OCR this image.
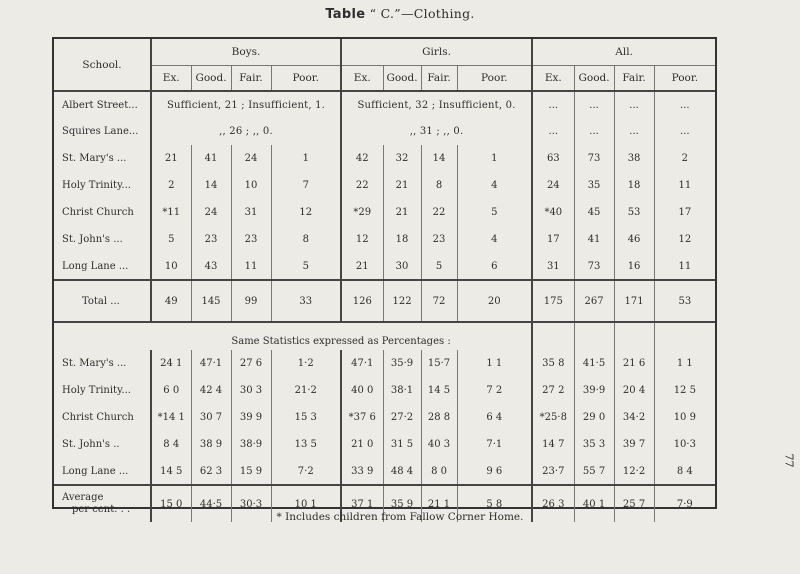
Table “ C.”—Clothing.
School.	Boys.				Girls.				All.			
	Ex.	Good.	Fair.	Poor.	Ex.	Good.	Fair.	Poor.	Ex.	Good.	Fair.	Poor.
Albert Street...	Sufficient, 21 ; Insufficient, 1.				Sufficient, 32 ; Insufficient, 0.				...	...	...	...
Squires Lane...	,, 26 ; ,, 0.				,, 31 ; ,, 0.				...	...	...	...
St. Mary's ...	21	41	24	1	42	32	14	1	63	73	38	2
Holy Trinity...	2	14	10	7	22	21	8	4	24	35	18	11
Christ Church	*11	24	31	12	*29	21	22	5	*40	45	53	17
St. John's ...	5	23	23	8	12	18	23	4	17	41	46	12
Long Lane ...	10	43	11	5	21	30	5	6	31	73	16	11
Total ...	49	145	99	33	126	122	72	20	175	267	171	53
	Same Statistics expressed as Percentages :											
St. Mary's ...	24 1	47·1	27 6	1·2	47·1	35·9	15·7	1 1	35 8	41·5	21 6	1 1
Holy Trinity...	6 0	42 4	30 3	21·2	40 0	38·1	14 5	7 2	27 2	39·9	20 4	12 5
Christ Church	*14 1	30 7	39 9	15 3	*37 6	27·2	28 8	6 4	*25·8	29 0	34·2	10 9
St. John's ..	8 4	38 9	38·9	13 5	21 0	31 5	40 3	7·1	14 7	35 3	39 7	10·3
Long Lane ...	14 5	62 3	15 9	7·2	33 9	48 4	8 0	9 6	23·7	55 7	12·2	8 4

Average
per cent. . .	15 0	44·5	30·3	10 1	37 1	35 9	21 1	5 8	26 3	40 1	25 7	7·9
* Includes children from Fallow Corner Home.
77
